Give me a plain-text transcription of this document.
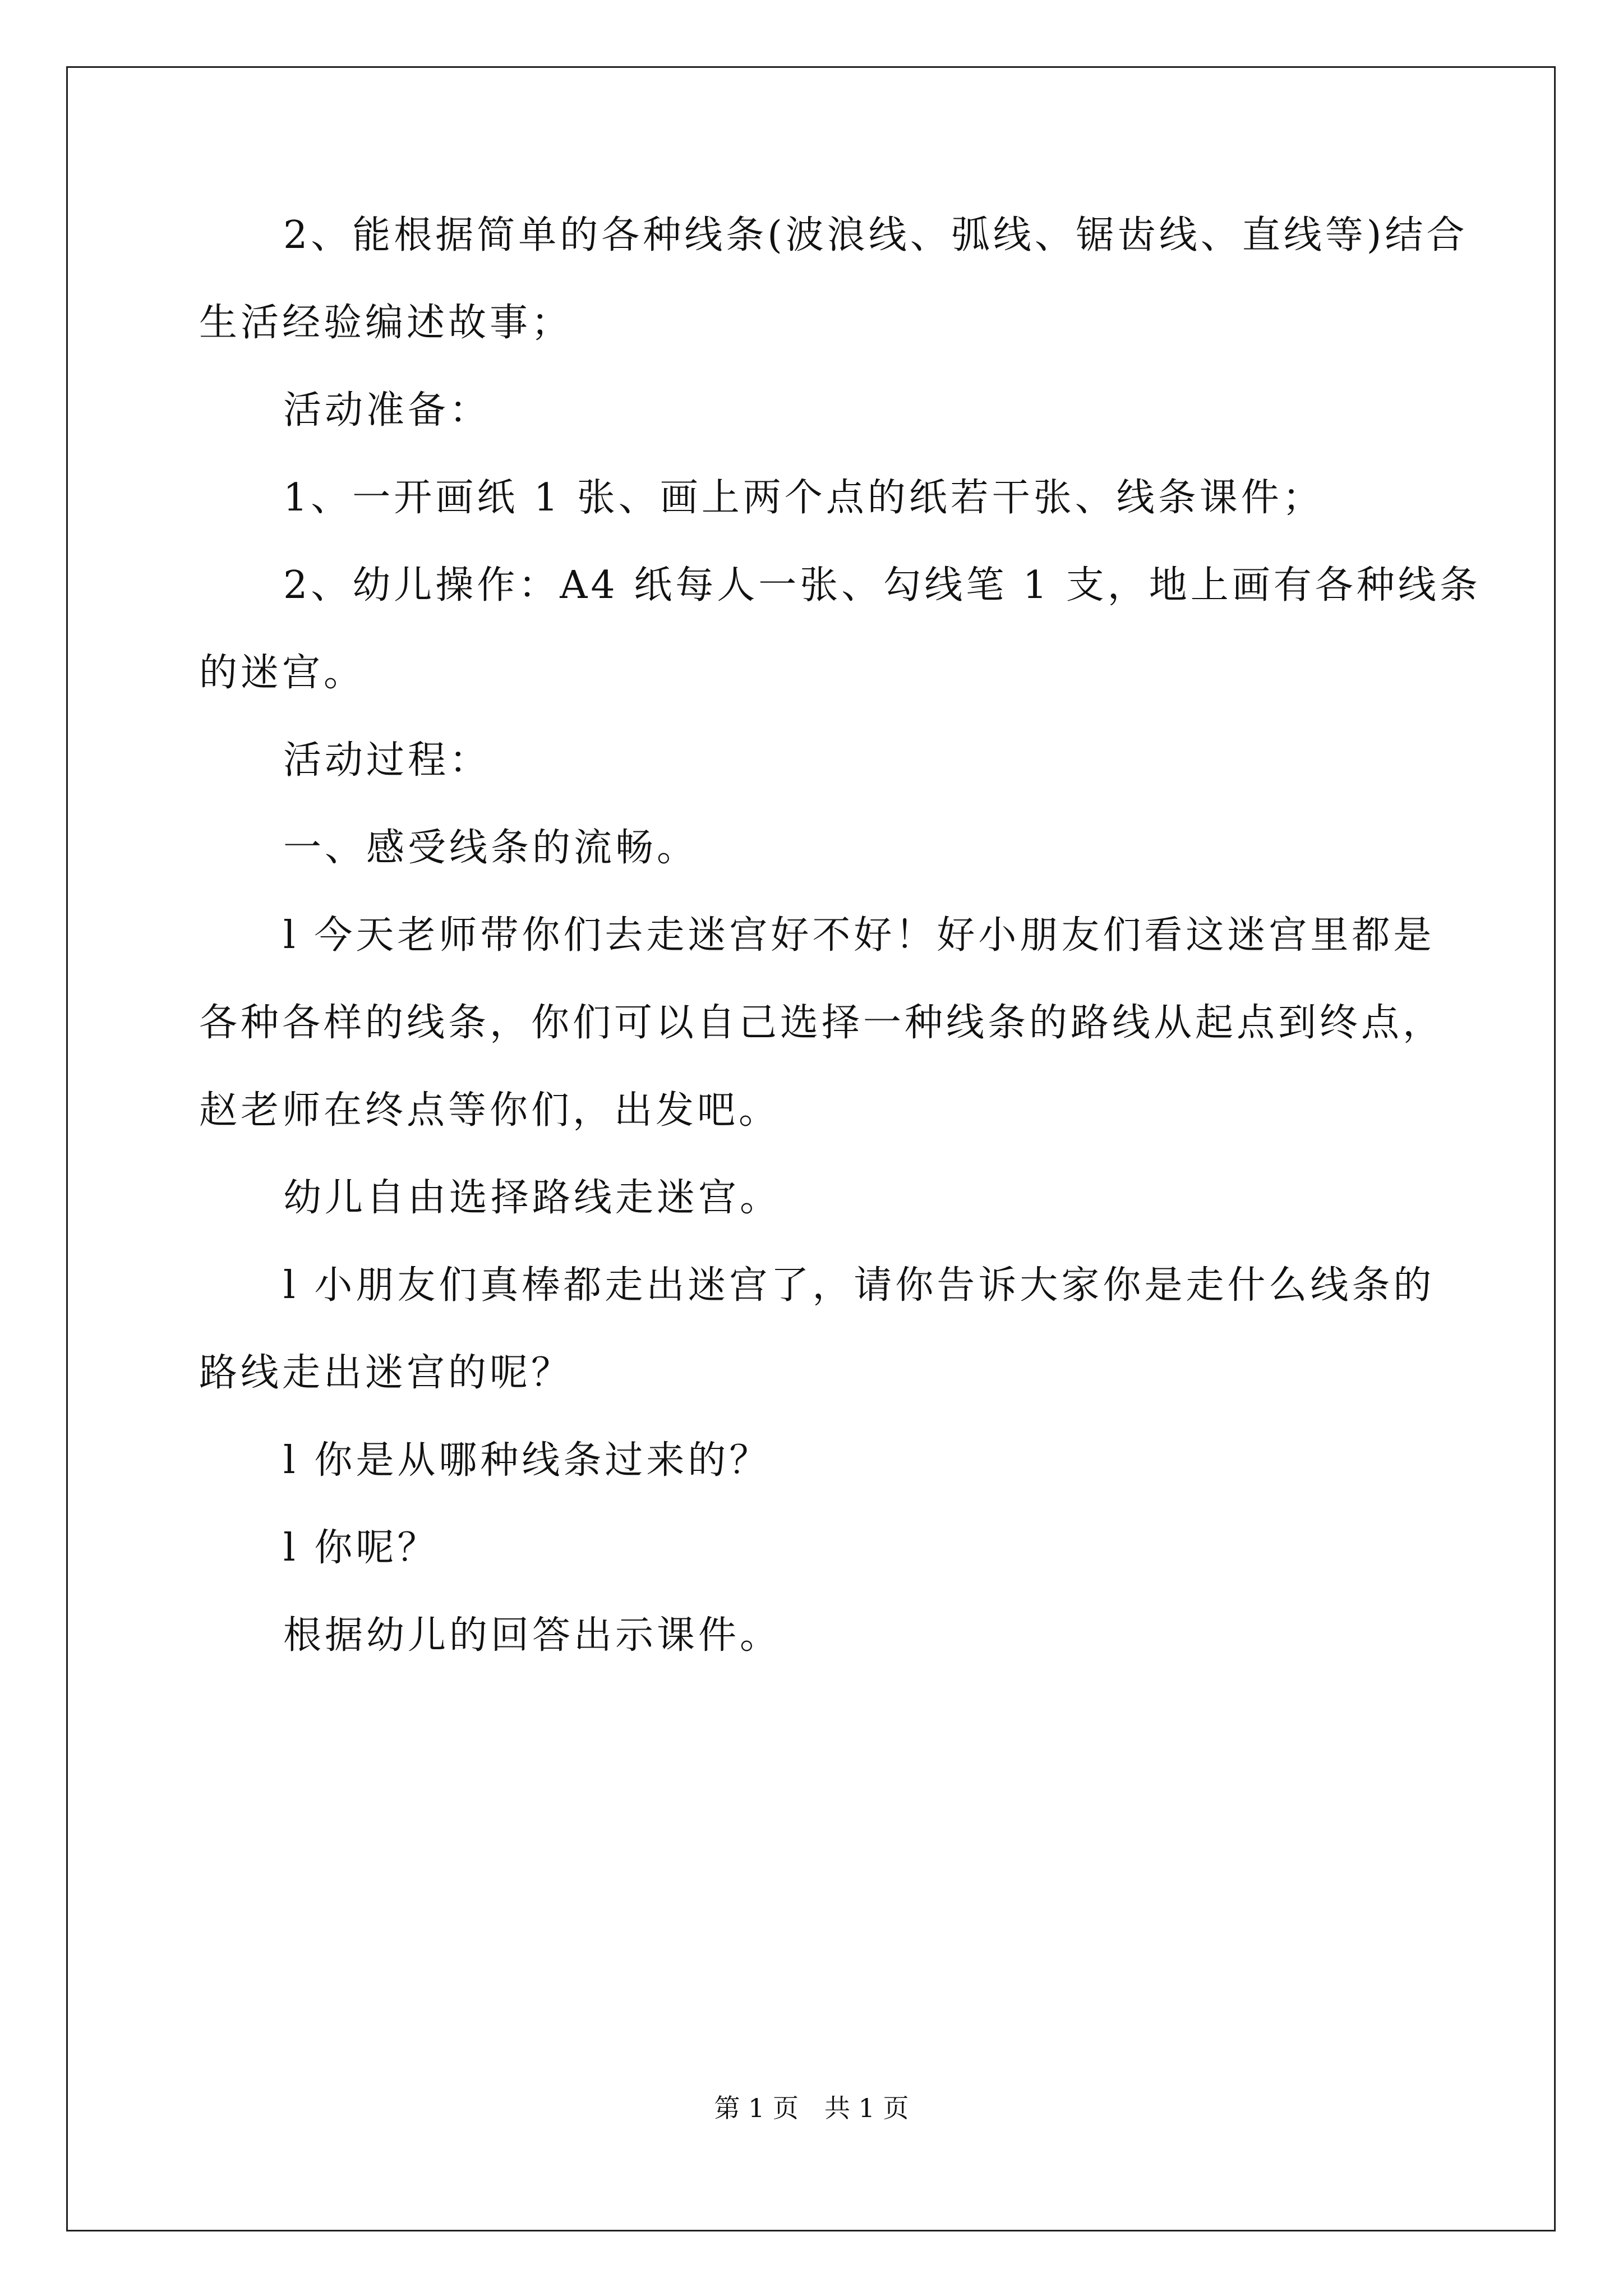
2、能根据简单的各种线条(波浪线、弧线、锯齿线、直线等)结合
生活经验编述故事；
活动准备：
1、一开画纸 1 张、画上两个点的纸若干张、线条课件；
2、幼儿操作：A4 纸每人一张、勾线笔 1 支，地上画有各种线条
的迷宫。
活动过程：
一、感受线条的流畅。
l 今天老师带你们去走迷宫好不好！好小朋友们看这迷宫里都是
各种各样的线条，你们可以自己选择一种线条的路线从起点到终点，
赵老师在终点等你们，出发吧。
幼儿自由选择路线走迷宫。
l 小朋友们真棒都走出迷宫了，请你告诉大家你是走什么线条的
路线走出迷宫的呢？
l 你是从哪种线条过来的？
l 你呢？
根据幼儿的回答出示课件。
第 1 页　共 1 页
